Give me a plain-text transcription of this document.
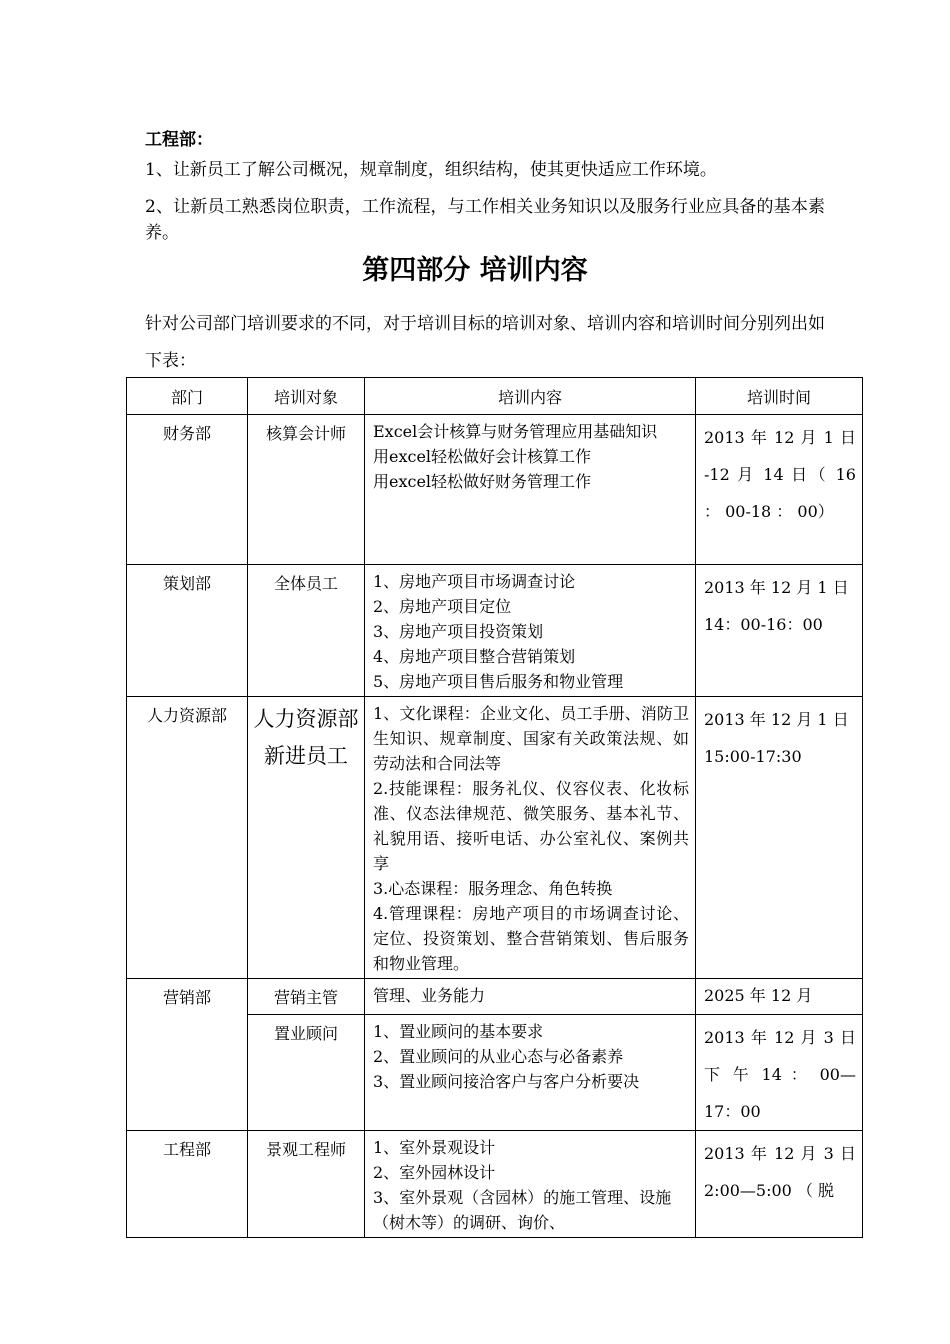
工程部：
1、让新员工了解公司概况，规章制度，组织结构，使其更快适应工作环境。
2、让新员工熟悉岗位职责，工作流程，与工作相关业务知识以及服务行业应具备的基本素养。
第四部分 培训内容
针对公司部门培训要求的不同，对于培训目标的培训对象、培训内容和培训时间分别列出如下表：
部门	培训对象	培训内容	培训时间
财务部	核算会计师	Excel会计核算与财务管理应用基础知识
用excel轻松做好会计核算工作
用excel轻松做好财务管理工作	2013 年 12 月 1 日 -12 月 14 日（ 16 ： 00-18 ： 00）
策划部	全体员工	1、房地产项目市场调查讨论
2、房地产项目定位
3、房地产项目投资策划
4、房地产项目整合营销策划
5、房地产项目售后服务和物业管理	2013 年 12 月 1 日 14：00-16：00
人力资源部	人力资源部新进员工	1、文化课程：企业文化、员工手册、消防卫生知识、规章制度、国家有关政策法规、如劳动法和合同法等
2.技能课程：服务礼仪、仪容仪表、化妆标准、仪态法律规范、微笑服务、基本礼节、礼貌用语、接听电话、办公室礼仪、案例共享
3.心态课程：服务理念、角色转换
4.管理课程：房地产项目的市场调查讨论、定位、投资策划、整合营销策划、售后服务和物业管理。	2013 年 12 月 1 日 15:00-17:30
营销部	营销主管	管理、业务能力	2025 年 12 月
	置业顾问	1、置业顾问的基本要求
2、置业顾问的从业心态与必备素养
3、置业顾问接洽客户与客户分析要决	2013 年 12 月 3 日下 午 14 ： 00—17：00
工程部	景观工程师	1、室外景观设计
2、室外园林设计
3、室外景观（含园林）的施工管理、设施（树木等）的调研、询价、	2013 年 12 月 3 日 2:00—5:00 （ 脱
